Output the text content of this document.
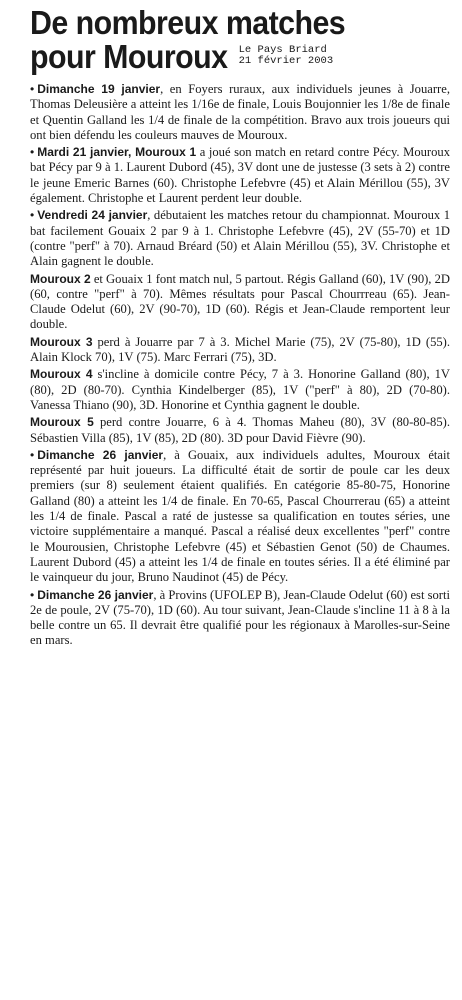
De nombreux matches
pour Mouroux Le Pays Briard
21 février 2003

• Dimanche 19 janvier, en Foyers ruraux, aux individuels jeunes à Jouarre, Thomas Deleusière a atteint les 1/16e de finale, Louis Boujonnier les 1/8e de finale et Quentin Galland les 1/4 de finale de la compétition. Bravo aux trois joueurs qui ont bien défendu les couleurs mauves de Mouroux.

• Mardi 21 janvier, Mouroux 1 a joué son match en retard contre Pécy. Mouroux bat Pécy par 9 à 1. Laurent Dubord (45), 3V dont une de justesse (3 sets à 2) contre le jeune Emeric Barnes (60). Christophe Lefebvre (45) et Alain Mérillou (55), 3V également. Christophe et Laurent perdent leur double.

• Vendredi 24 janvier, débutaient les matches retour du championnat. Mouroux 1 bat facilement Gouaix 2 par 9 à 1. Christophe Lefebvre (45), 2V (55-70) et 1D (contre "perf" à 70). Arnaud Bréard (50) et Alain Mérillou (55), 3V. Christophe et Alain gagnent le double.

Mouroux 2 et Gouaix 1 font match nul, 5 partout. Régis Galland (60), 1V (90), 2D (60, contre "perf" à 70). Mêmes résultats pour Pascal Chourrreau (65). Jean-Claude Odelut (60), 2V (90-70), 1D (60). Régis et Jean-Claude remportent leur double.

Mouroux 3 perd à Jouarre par 7 à 3. Michel Marie (75), 2V (75-80), 1D (55). Alain Klock 70), 1V (75). Marc Ferrari (75), 3D.

Mouroux 4 s'incline à domicile contre Pécy, 7 à 3. Honorine Galland (80), 1V (80), 2D (80-70). Cynthia Kindelberger (85), 1V ("perf" à 80), 2D (70-80). Vanessa Thiano (90), 3D. Honorine et Cynthia gagnent le double.

Mouroux 5 perd contre Jouarre, 6 à 4. Thomas Maheu (80), 3V (80-80-85). Sébastien Villa (85), 1V (85), 2D (80). 3D pour David Fièvre (90).

• Dimanche 26 janvier, à Gouaix, aux individuels adultes, Mouroux était représenté par huit joueurs. La difficulté était de sortir de poule car les deux premiers (sur 8) seulement étaient qualifiés. En catégorie 85-80-75, Honorine Galland (80) a atteint les 1/4 de finale. En 70-65, Pascal Chourrerau (65) a atteint les 1/4 de finale. Pascal a raté de justesse sa qualification en toutes séries, une victoire supplémentaire a manqué. Pascal a réalisé deux excellentes "perf" contre le Mourousien, Christophe Lefebvre (45) et Sébastien Genot (50) de Chaumes. Laurent Dubord (45) a atteint les 1/4 de finale en toutes séries. Il a été éliminé par le vainqueur du jour, Bruno Naudinot (45) de Pécy.

• Dimanche 26 janvier, à Provins (UFOLEP B), Jean-Claude Odelut (60) est sorti 2e de poule, 2V (75-70), 1D (60). Au tour suivant, Jean-Claude s'incline 11 à 8 à la belle contre un 65. Il devrait être qualifié pour les régionaux à Marolles-sur-Seine en mars.
